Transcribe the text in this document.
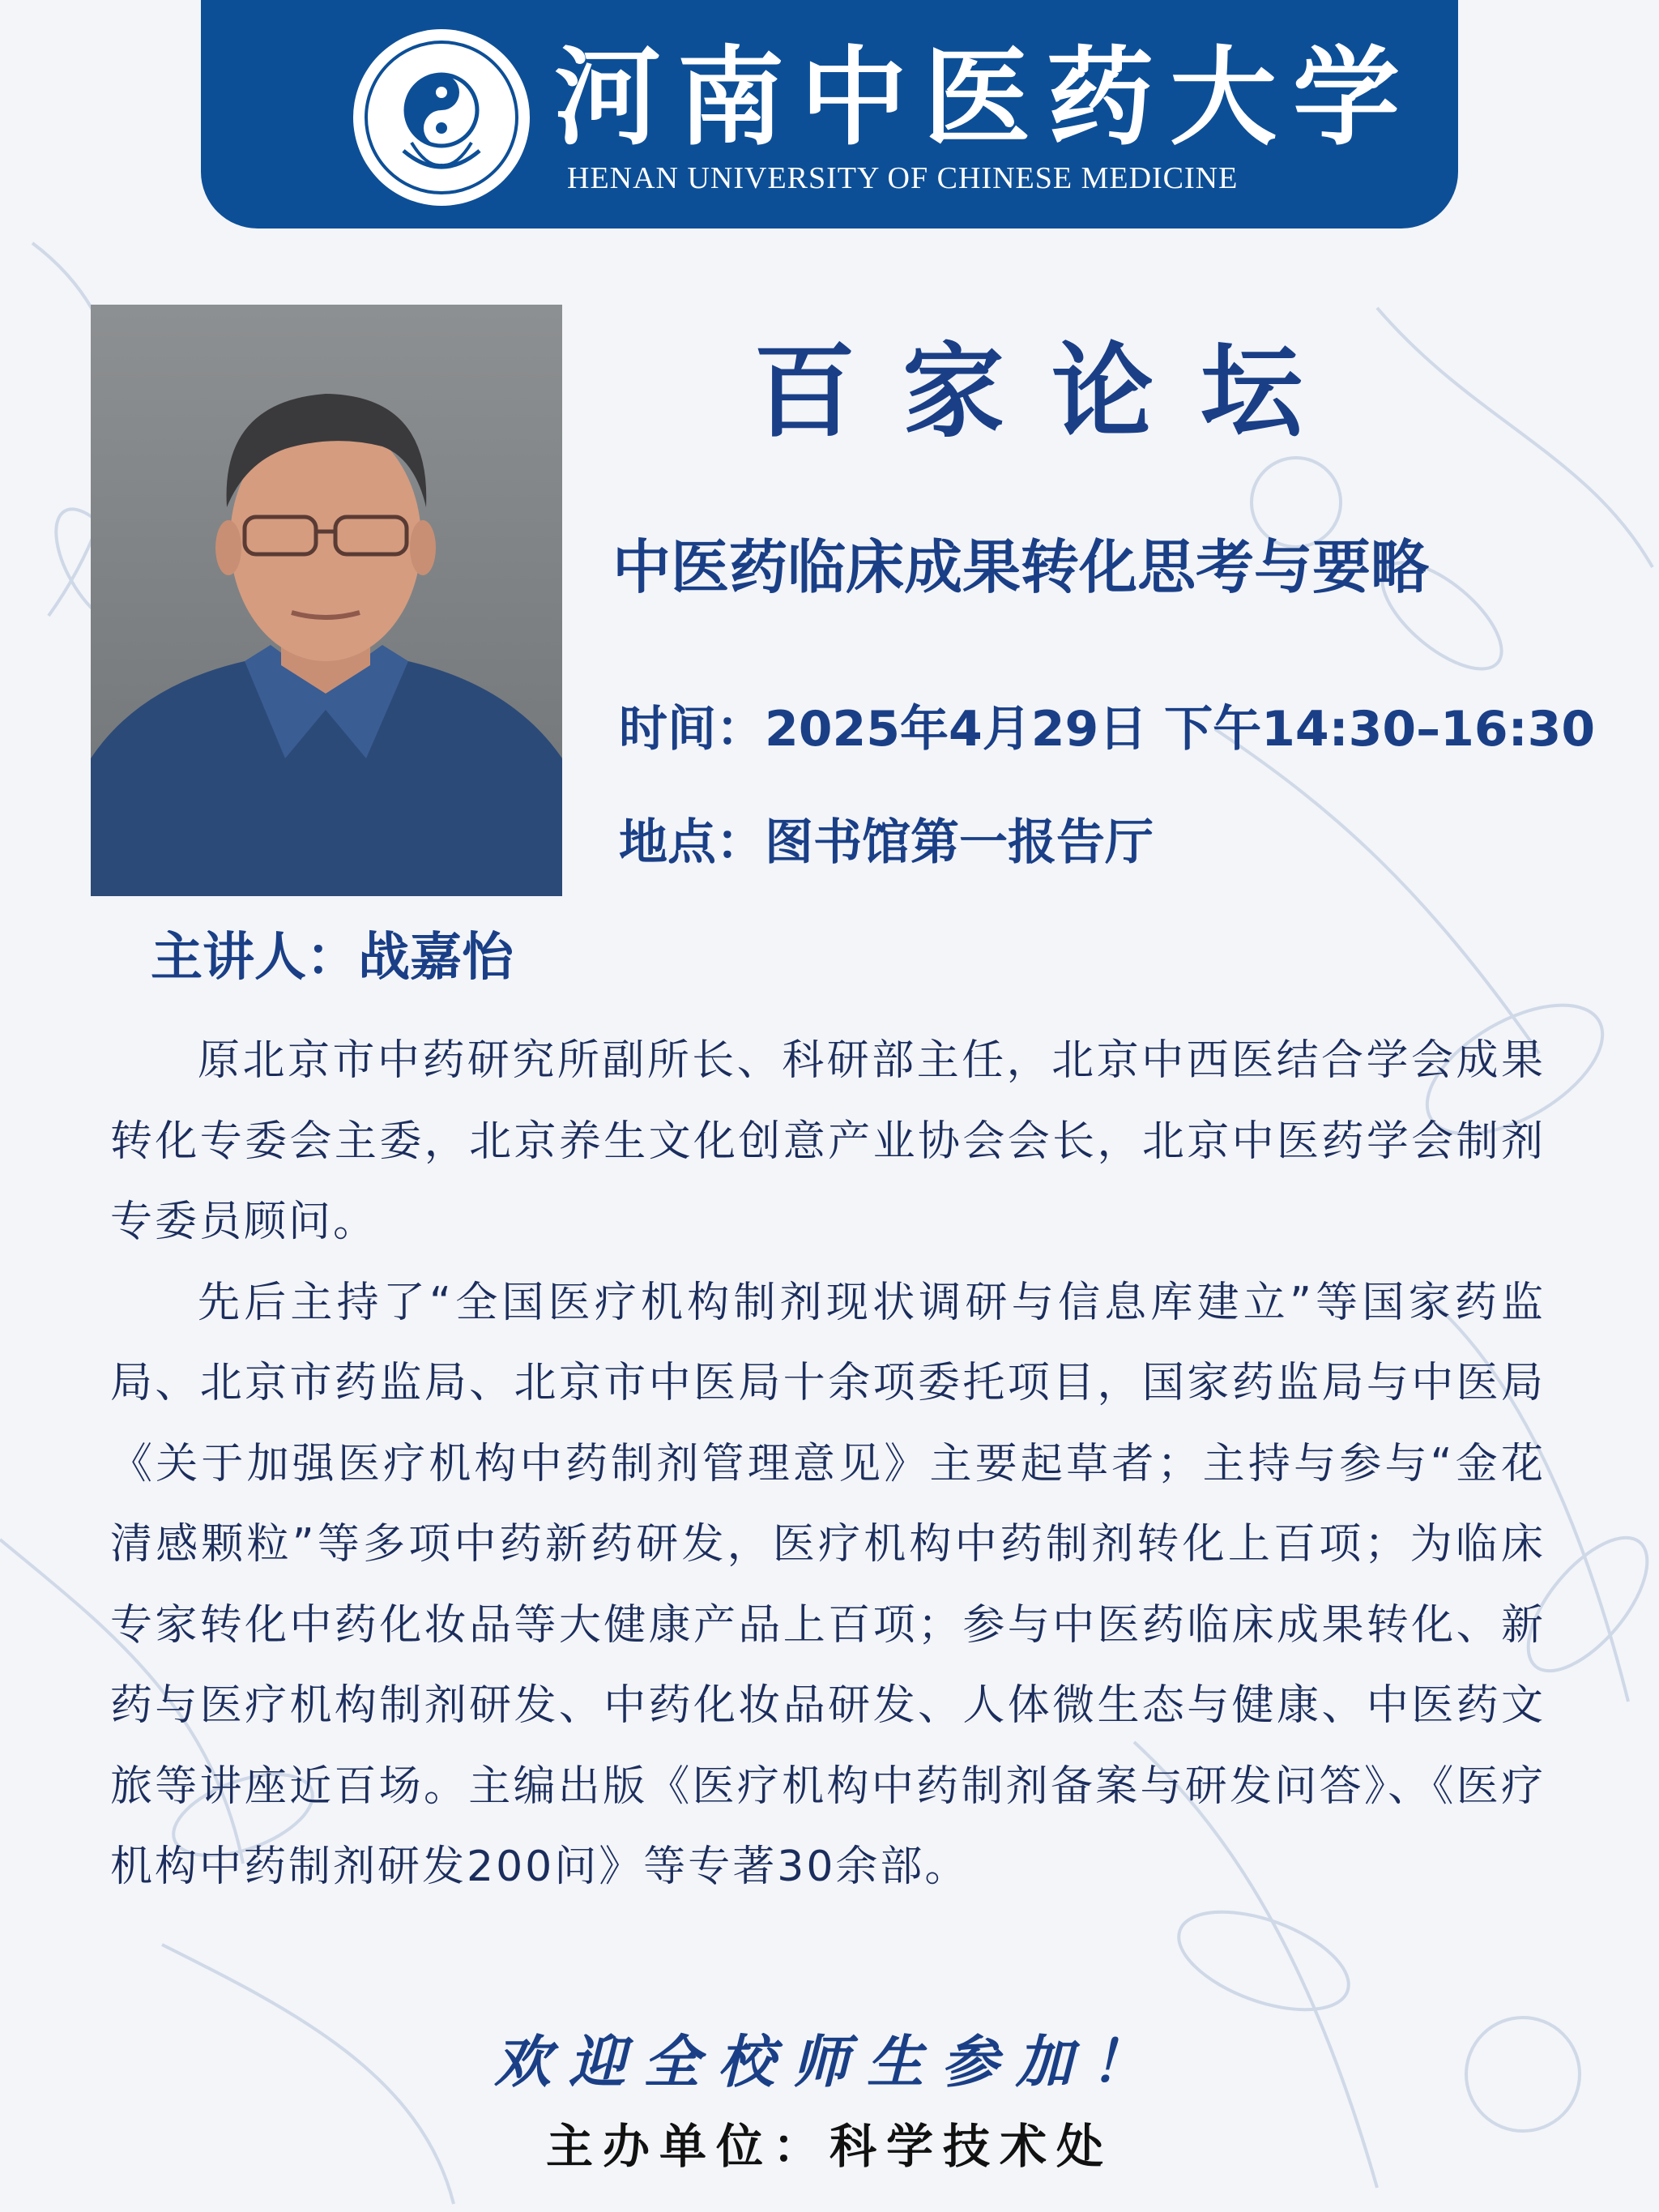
河南中医药大学
HENAN UNIVERSITY OF CHINESE MEDICINE
百家论坛
中医药临床成果转化思考与要略
时间：2025年4月29日 下午14:30–16:30
地点：图书馆第一报告厅
主讲人：战嘉怡

原北京市中药研究所副所长、科研部主任，北京中西医结合学会成果转化专委会主委，北京养生文化创意产业协会会长，北京中医药学会制剂专委员顾问。

先后主持了“全国医疗机构制剂现状调研与信息库建立”等国家药监局、北京市药监局、北京市中医局十余项委托项目，国家药监局与中医局《关于加强医疗机构中药制剂管理意见》主要起草者；主持与参与“金花清感颗粒”等多项中药新药研发，医疗机构中药制剂转化上百项；为临床专家转化中药化妆品等大健康产品上百项；参与中医药临床成果转化、新药与医疗机构制剂研发、中药化妆品研发、人体微生态与健康、中医药文旅等讲座近百场。主编出版《医疗机构中药制剂备案与研发问答》、《医疗机构中药制剂研发200问》等专著30余部。

欢迎全校师生参加！
主办单位：科学技术处
